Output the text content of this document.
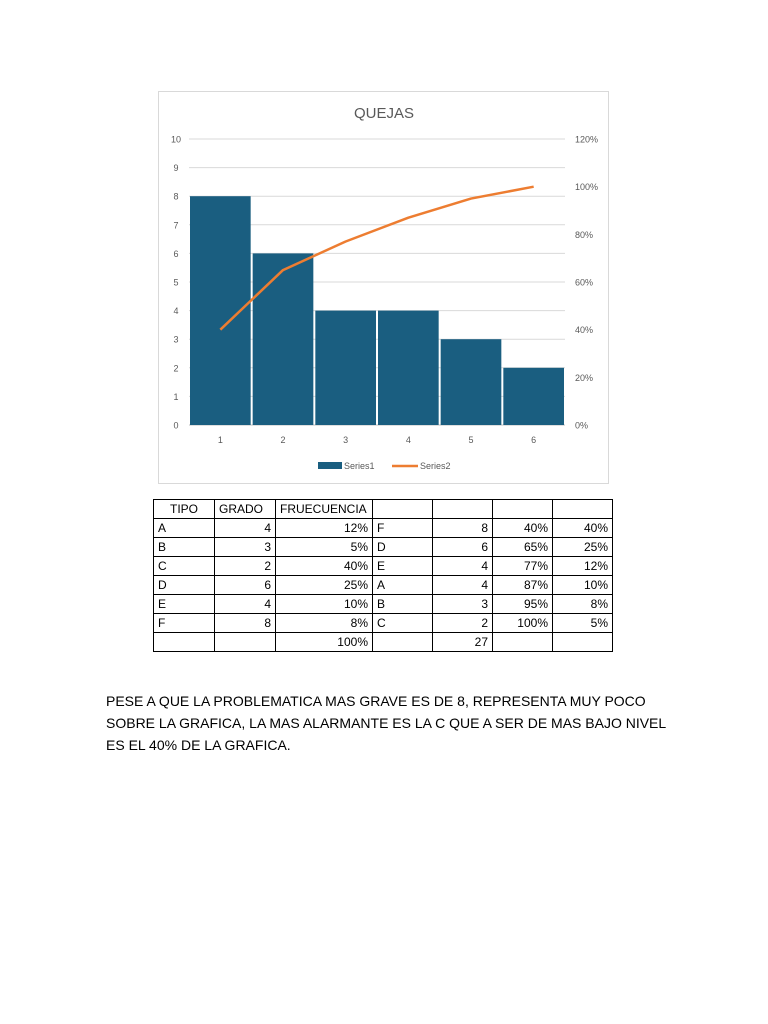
QUEJAS
0
1
2
3
4
5
6
7
8
9
10
0%
20%
40%
60%
80%
100%
120%
1	2	3	4	5	6
Series1	Series2
TIPO	GRADO	FRUECUENCIA				
A	4	12%	F	8	40%	40%
B	3	5%	D	6	65%	25%
C	2	40%	E	4	77%	12%
D	6	25%	A	4	87%	10%
E	4	10%	B	3	95%	8%
F	8	8%	C	2	100%	5%
		100%		27		
PESE A QUE LA PROBLEMATICA MAS GRAVE ES DE 8, REPRESENTA MUY POCO SOBRE LA GRAFICA, LA MAS ALARMANTE ES LA C QUE A SER DE MAS BAJO NIVEL ES EL 40% DE LA GRAFICA.
